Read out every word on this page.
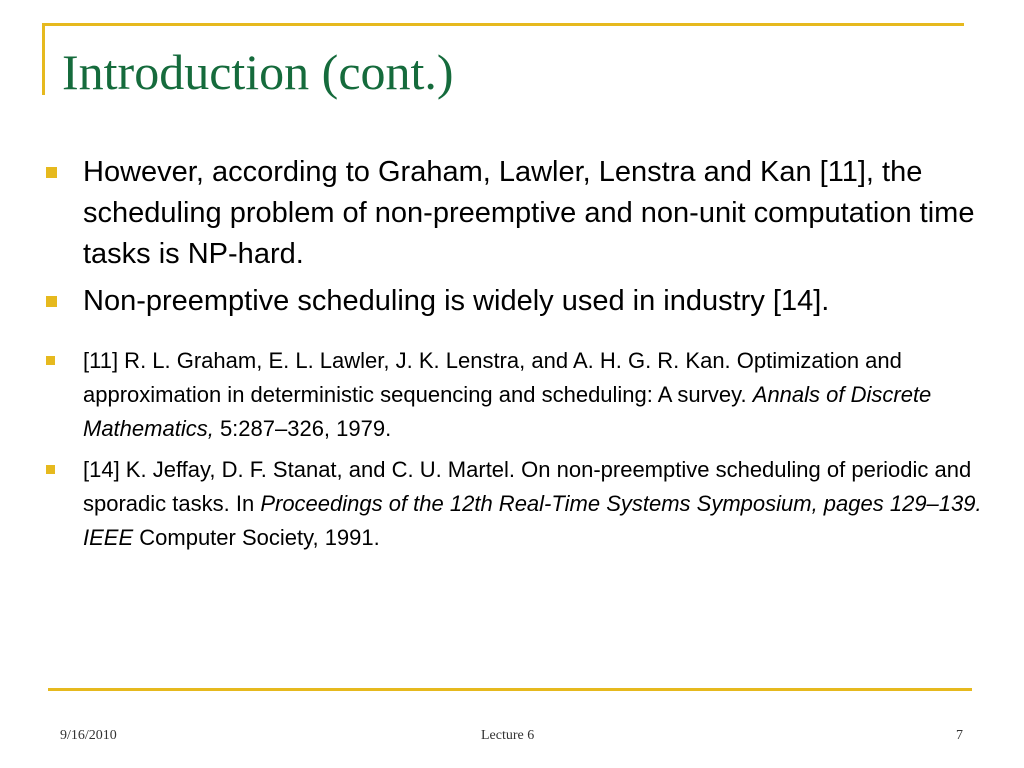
Introduction (cont.)
However, according to Graham, Lawler, Lenstra and Kan [11], the scheduling problem of non-preemptive and non-unit computation time tasks is NP-hard.
Non-preemptive scheduling is widely used in industry [14].
[11] R. L. Graham, E. L. Lawler, J. K. Lenstra, and A. H. G. R. Kan. Optimization and approximation in deterministic sequencing and scheduling: A survey. Annals of Discrete Mathematics, 5:287–326, 1979.
[14] K. Jeffay, D. F. Stanat, and C. U. Martel. On non-preemptive scheduling of periodic and sporadic tasks. In Proceedings of the 12th Real-Time Systems Symposium, pages 129–139. IEEE Computer Society, 1991.
9/16/2010	Lecture 6	7
